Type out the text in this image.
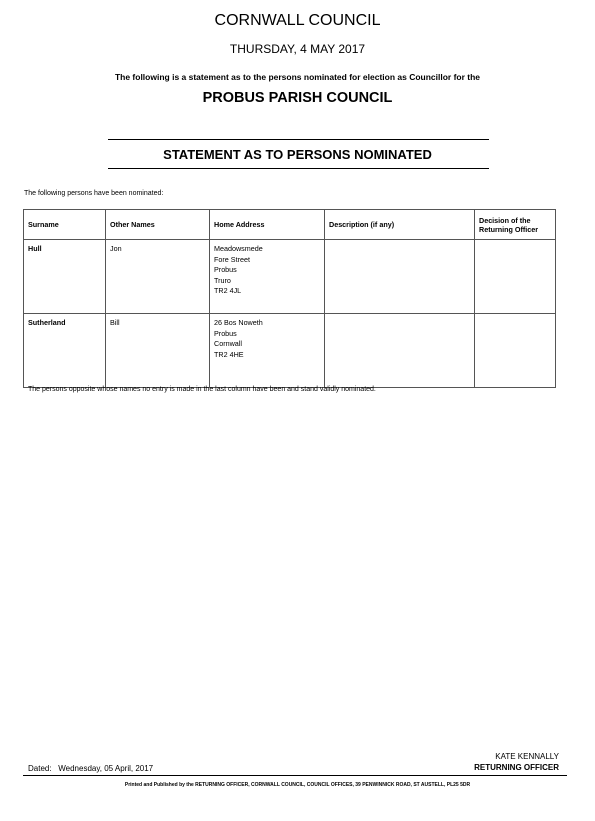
CORNWALL COUNCIL
THURSDAY, 4 MAY 2017
The following is a statement as to the persons nominated for election as Councillor for the
PROBUS PARISH COUNCIL
STATEMENT AS TO PERSONS NOMINATED
The following persons have been nominated:
Surname	Other Names	Home Address	Description (if any)	Decision of the Returning Officer
Hull	Jon	Meadowsmede
Fore Street
Probus
Truro
TR2 4JL		

Sutherland	Bill	26 Bos Noweth
Probus
Cornwall
TR2 4HE		

The persons opposite whose names no entry is made in the last column have been and stand validly nominated.
KATE KENNALLY
RETURNING OFFICER
Dated:   Wednesday, 05 April, 2017
Printed and Published by the RETURNING OFFICER, CORNWALL COUNCIL, COUNCIL OFFICES, 39 PENWINNICK ROAD, ST AUSTELL, PL25 5DR
